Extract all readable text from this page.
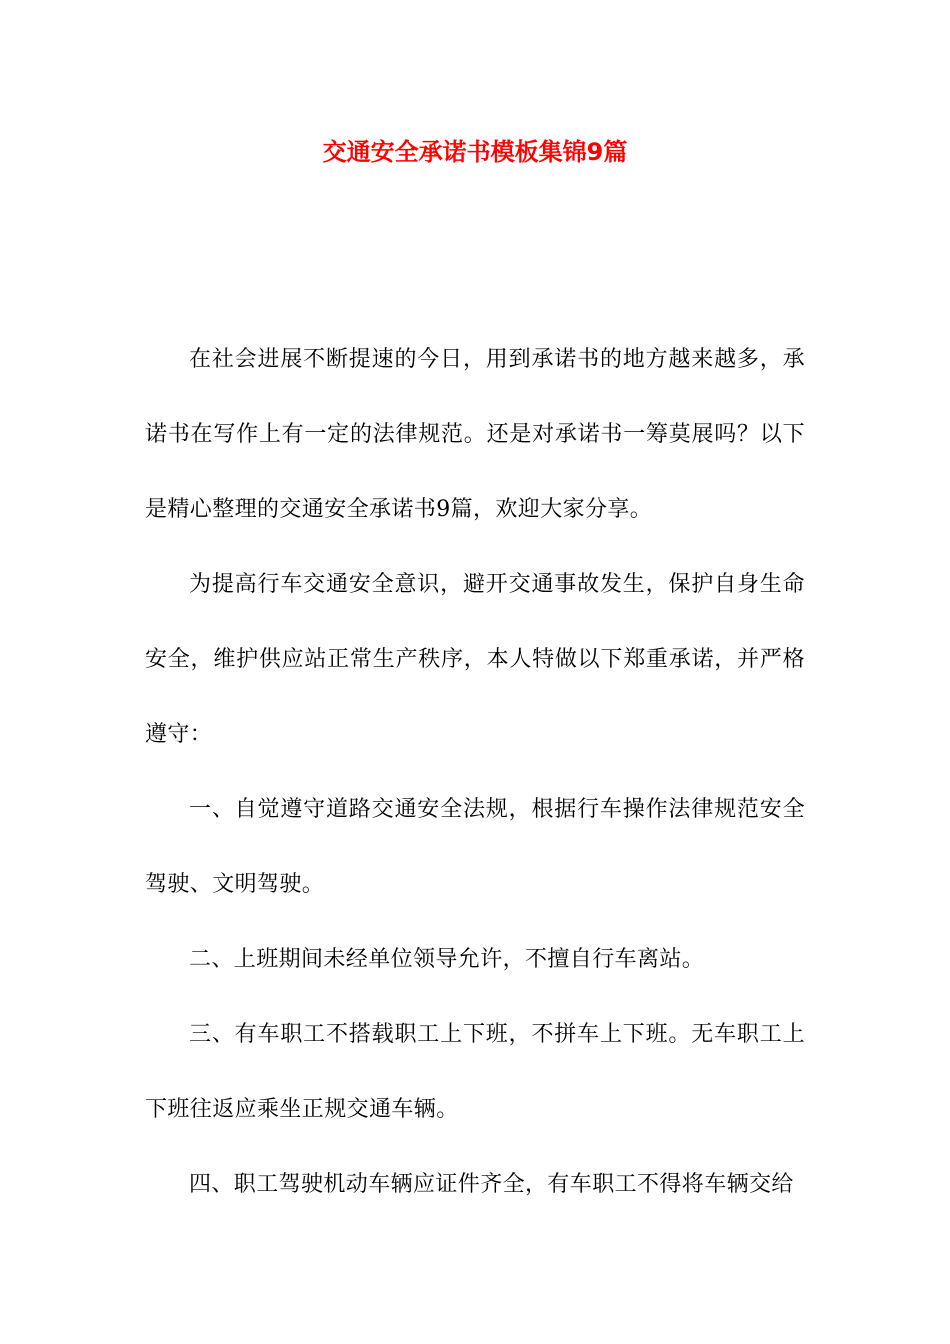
交通安全承诺书模板集锦9篇

在社会进展不断提速的今日，用到承诺书的地方越来越多，承诺书在写作上有一定的法律规范。还是对承诺书一筹莫展吗？以下是精心整理的交通安全承诺书9篇，欢迎大家分享。

为提高行车交通安全意识，避开交通事故发生，保护自身生命安全，维护供应站正常生产秩序，本人特做以下郑重承诺，并严格遵守：

一、自觉遵守道路交通安全法规，根据行车操作法律规范安全驾驶、文明驾驶。

二、上班期间未经单位领导允许，不擅自行车离站。

三、有车职工不搭载职工上下班，不拼车上下班。无车职工上下班往返应乘坐正规交通车辆。

四、职工驾驶机动车辆应证件齐全，有车职工不得将车辆交给
